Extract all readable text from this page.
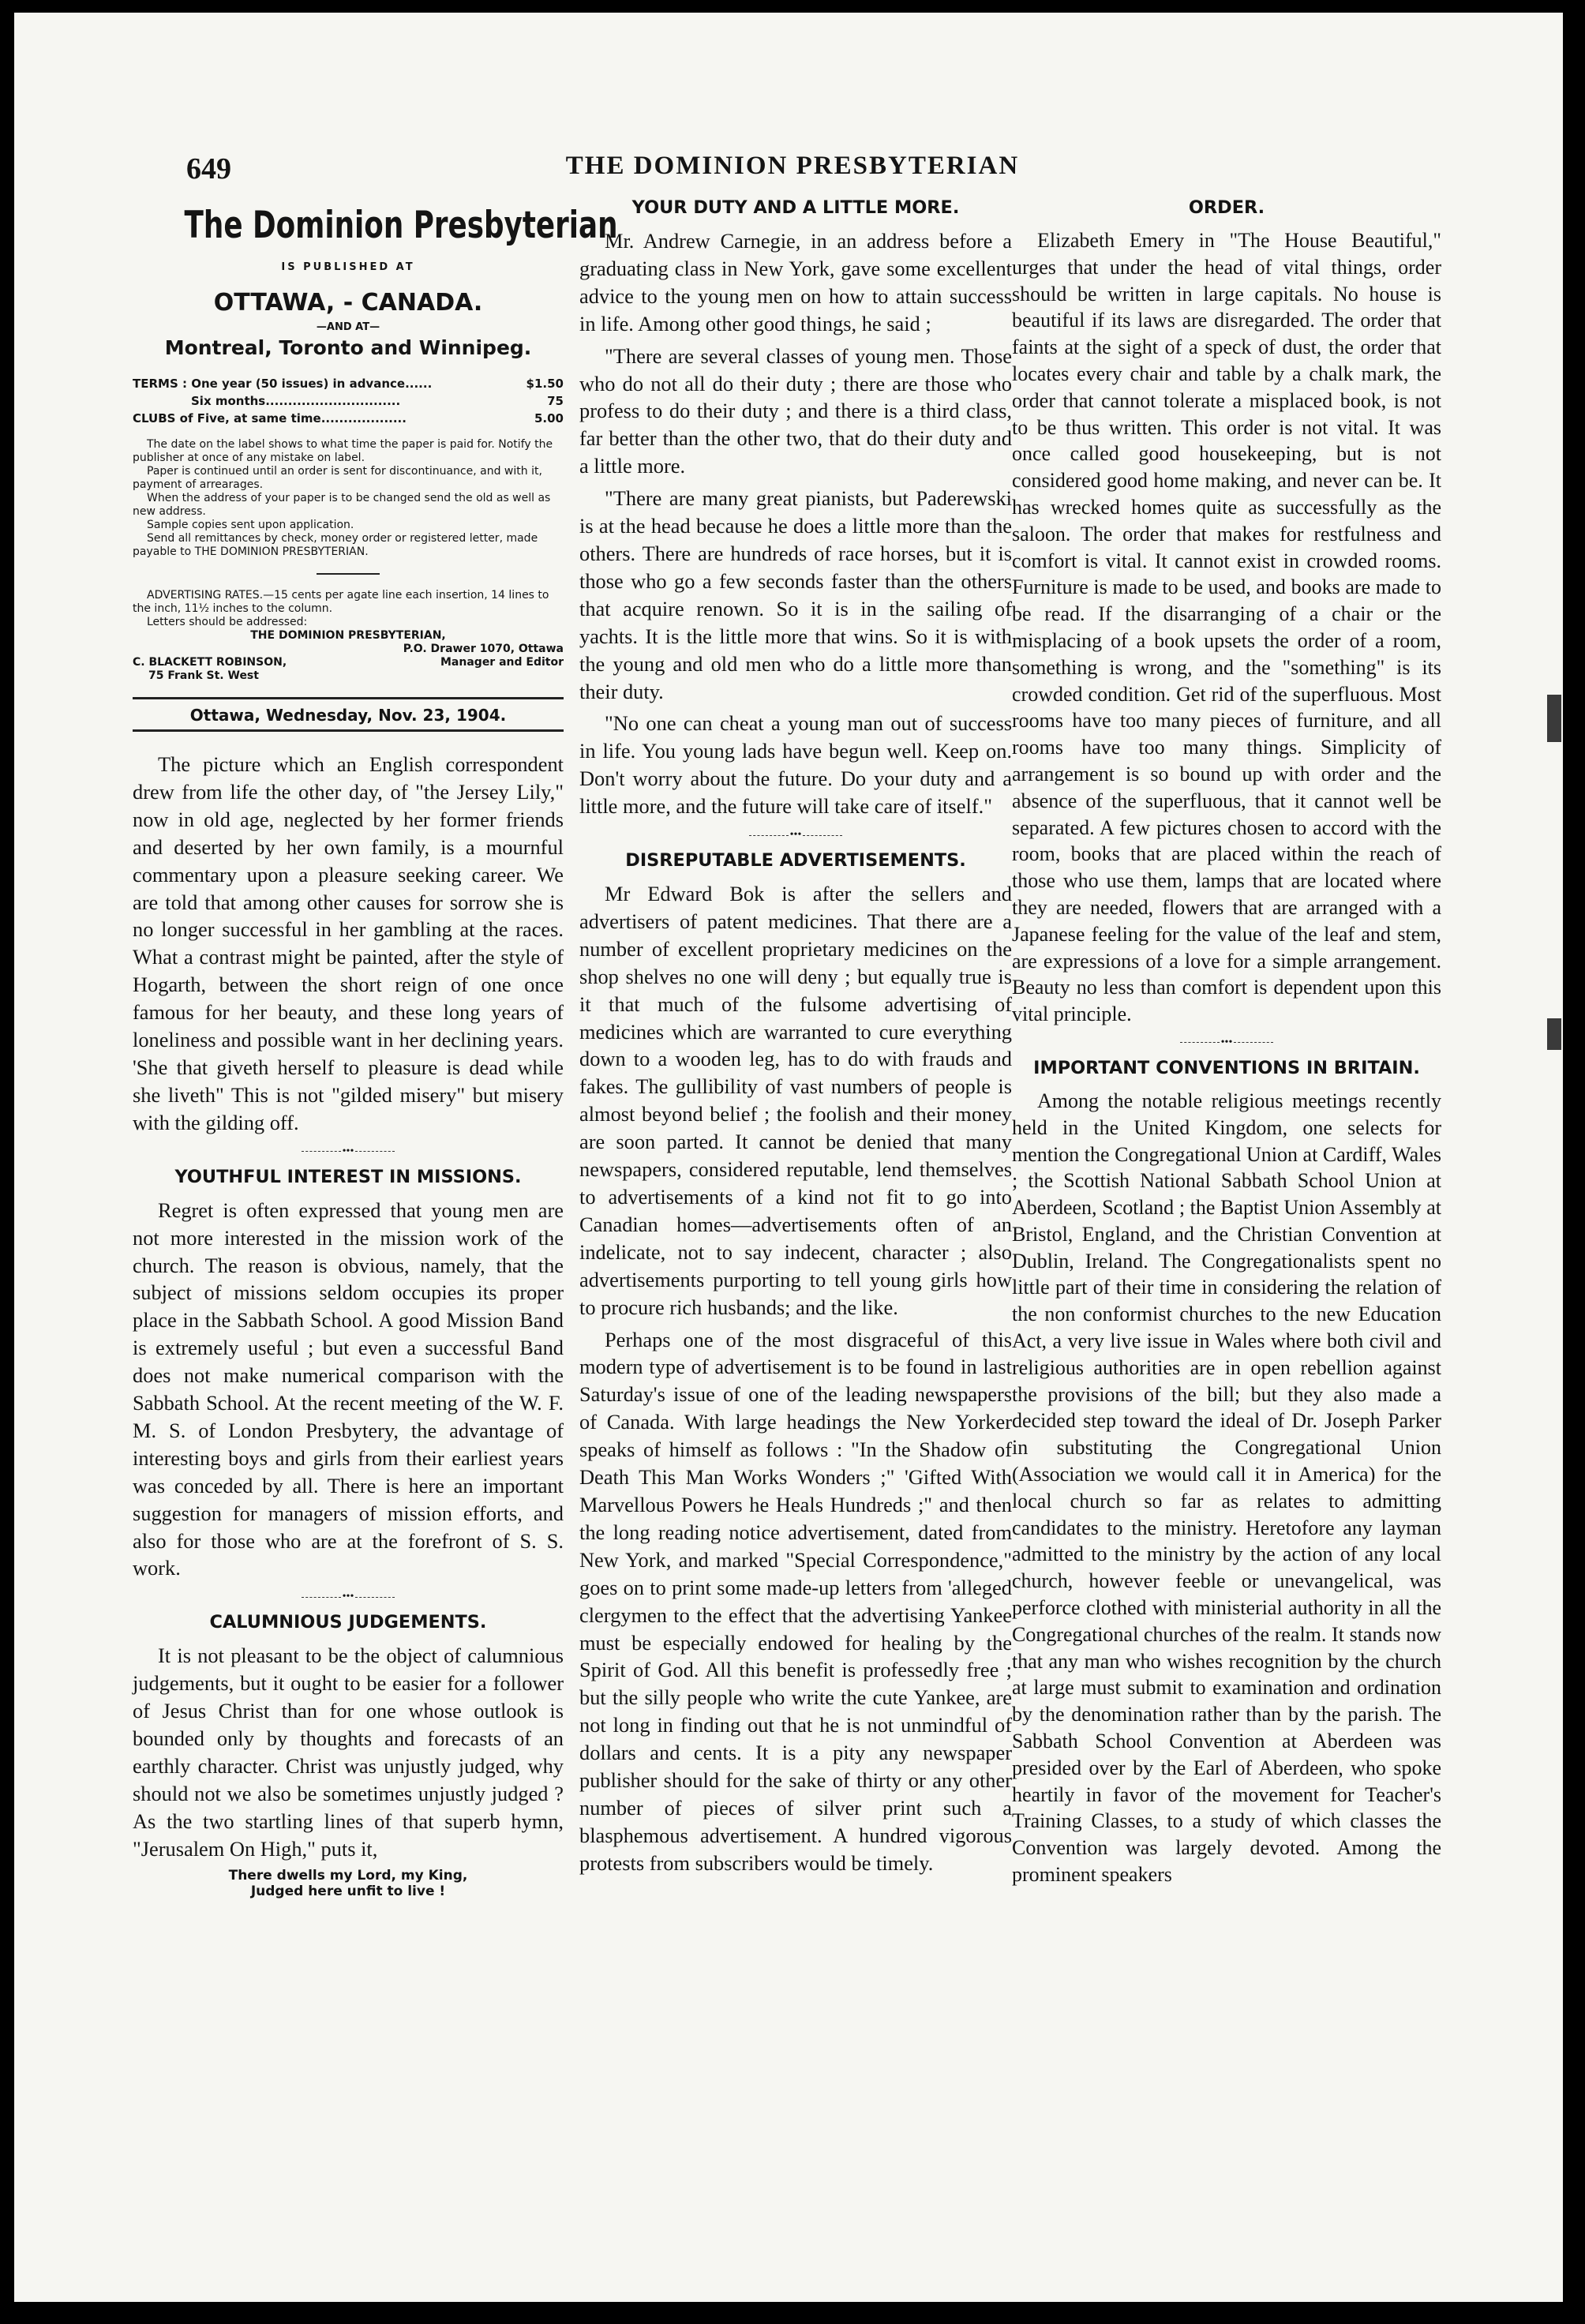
649	THE DOMINION PRESBYTERIAN
The Dominion Presbyterian
IS PUBLISHED AT
OTTAWA, - CANADA.
—AND AT—
Montreal, Toronto and Winnipeg.
TERMS : One year (50 issues) in advance......	$1.50
Six months..............................	75
CLUBS of Five, at same time...................	5.00
The date on the label shows to what time the paper is paid for. Notify the publisher at once of any mistake on label.
Paper is continued until an order is sent for discontinuance, and with it, payment of arrearages.
When the address of your paper is to be changed send the old as well as new address.
Sample copies sent upon application.
Send all remittances by check, money order or registered letter, made payable to THE DOMINION PRESBYTERIAN.
ADVERTISING RATES.—15 cents per agate line each insertion, 14 lines to the inch, 11½ inches to the column.
Letters should be addressed:
THE DOMINION PRESBYTERIAN,
P.O. Drawer 1070, Ottawa
C. BLACKETT ROBINSON,	Manager and Editor
75 Frank St. West
Ottawa, Wednesday, Nov. 23, 1904.

The picture which an English correspondent drew from life the other day, of "the Jersey Lily," now in old age, neglected by her former friends and deserted by her own family, is a mournful commentary upon a pleasure seeking career. We are told that among other causes for sorrow she is no longer successful in her gambling at the races. What a contrast might be painted, after the style of Hogarth, between the short reign of one once famous for her beauty, and these long years of loneliness and possible want in her declining years. 'She that giveth herself to pleasure is dead while she liveth" This is not "gilded misery" but misery with the gilding off.

•••
YOUTHFUL INTEREST IN MISSIONS.

Regret is often expressed that young men are not more interested in the mission work of the church. The reason is obvious, namely, that the subject of missions seldom occupies its proper place in the Sabbath School. A good Mission Band is extremely useful ; but even a successful Band does not make numerical comparison with the Sabbath School. At the recent meeting of the W. F. M. S. of London Presbytery, the advantage of interesting boys and girls from their earliest years was conceded by all. There is here an important suggestion for managers of mission efforts, and also for those who are at the forefront of S. S. work.

•••
CALUMNIOUS JUDGEMENTS.

It is not pleasant to be the object of calumnious judgements, but it ought to be easier for a follower of Jesus Christ than for one whose outlook is bounded only by thoughts and forecasts of an earthly character. Christ was unjustly judged, why should not we also be sometimes unjustly judged ? As the two startling lines of that superb hymn, "Jerusalem On High," puts it,

There dwells my Lord, my King,
Judged here unfit to live !
YOUR DUTY AND A LITTLE MORE.

Mr. Andrew Carnegie, in an address before a graduating class in New York, gave some excellent advice to the young men on how to attain success in life. Among other good things, he said ;

"There are several classes of young men. Those who do not all do their duty ; there are those who profess to do their duty ; and there is a third class, far better than the other two, that do their duty and a little more.

"There are many great pianists, but Paderewski is at the head because he does a little more than the others. There are hundreds of race horses, but it is those who go a few seconds faster than the others that acquire renown. So it is in the sailing of yachts. It is the little more that wins. So it is with the young and old men who do a little more than their duty.

"No one can cheat a young man out of success in life. You young lads have begun well. Keep on. Don't worry about the future. Do your duty and a little more, and the future will take care of itself."

•••
DISREPUTABLE ADVERTISEMENTS.

Mr Edward Bok is after the sellers and advertisers of patent medicines. That there are a number of excellent proprietary medicines on the shop shelves no one will deny ; but equally true is it that much of the fulsome advertising of medicines which are warranted to cure everything down to a wooden leg, has to do with frauds and fakes. The gullibility of vast numbers of people is almost beyond belief ; the foolish and their money are soon parted. It cannot be denied that many newspapers, considered reputable, lend themselves to advertisements of a kind not fit to go into Canadian homes—advertisements often of an indelicate, not to say indecent, character ; also advertisements purporting to tell young girls how to procure rich husbands; and the like.

Perhaps one of the most disgraceful of this modern type of advertisement is to be found in last Saturday's issue of one of the leading newspapers of Canada. With large headings the New Yorker speaks of himself as follows : "In the Shadow of Death This Man Works Wonders ;" 'Gifted With Marvellous Powers he Heals Hundreds ;" and then the long reading notice advertisement, dated from New York, and marked "Special Correspondence," goes on to print some made-up letters from 'alleged clergymen to the effect that the advertising Yankee must be especially endowed for healing by the Spirit of God. All this benefit is professedly free ; but the silly people who write the cute Yankee, are not long in finding out that he is not unmindful of dollars and cents. It is a pity any newspaper publisher should for the sake of thirty or any other number of pieces of silver print such a blasphemous advertisement. A hundred vigorous protests from subscribers would be timely.

ORDER.

Elizabeth Emery in "The House Beautiful," urges that under the head of vital things, order should be written in large capitals. No house is beautiful if its laws are disregarded. The order that faints at the sight of a speck of dust, the order that locates every chair and table by a chalk mark, the order that cannot tolerate a misplaced book, is not to be thus written. This order is not vital. It was once called good housekeeping, but is not considered good home making, and never can be. It has wrecked homes quite as successfully as the saloon. The order that makes for restfulness and comfort is vital. It cannot exist in crowded rooms. Furniture is made to be used, and books are made to be read. If the disarranging of a chair or the misplacing of a book upsets the order of a room, something is wrong, and the "something" is its crowded condition. Get rid of the superfluous. Most rooms have too many pieces of furniture, and all rooms have too many things. Simplicity of arrangement is so bound up with order and the absence of the superfluous, that it cannot well be separated. A few pictures chosen to accord with the room, books that are placed within the reach of those who use them, lamps that are located where they are needed, flowers that are arranged with a Japanese feeling for the value of the leaf and stem, are expressions of a love for a simple arrangement. Beauty no less than comfort is dependent upon this vital principle.

•••
IMPORTANT CONVENTIONS IN BRITAIN.

Among the notable religious meetings recently held in the United Kingdom, one selects for mention the Congregational Union at Cardiff, Wales ; the Scottish National Sabbath School Union at Aberdeen, Scotland ; the Baptist Union Assembly at Bristol, England, and the Christian Convention at Dublin, Ireland. The Congregationalists spent no little part of their time in considering the relation of the non conformist churches to the new Education Act, a very live issue in Wales where both civil and religious authorities are in open rebellion against the provisions of the bill; but they also made a decided step toward the ideal of Dr. Joseph Parker in substituting the Congregational Union (Association we would call it in America) for the local church so far as relates to admitting candidates to the ministry. Heretofore any layman admitted to the ministry by the action of any local church, however feeble or unevangelical, was perforce clothed with ministerial authority in all the Congregational churches of the realm. It stands now that any man who wishes recognition by the church at large must submit to examination and ordination by the denomination rather than by the parish. The Sabbath School Convention at Aberdeen was presided over by the Earl of Aberdeen, who spoke heartily in favor of the movement for Teacher's Training Classes, to a study of which classes the Convention was largely devoted. Among the prominent speakers
